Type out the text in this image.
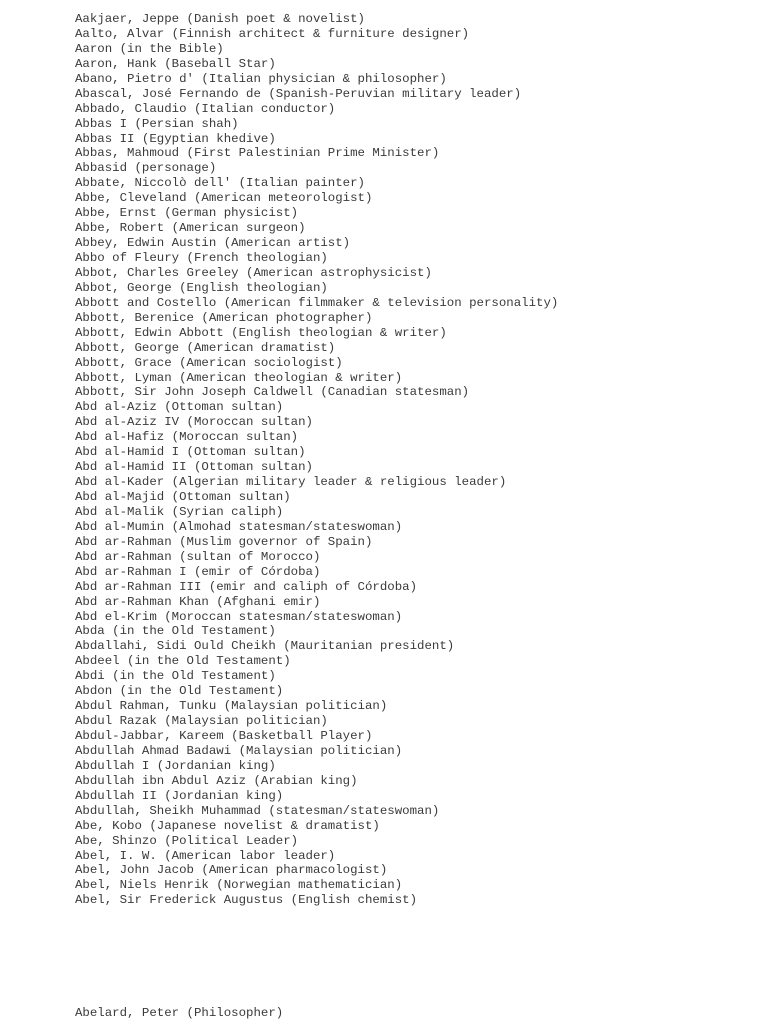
Aakjaer, Jeppe (Danish poet & novelist)
Aalto, Alvar (Finnish architect & furniture designer)
Aaron (in the Bible)
Aaron, Hank (Baseball Star)
Abano, Pietro d' (Italian physician & philosopher)
Abascal, José Fernando de (Spanish-Peruvian military leader)
Abbado, Claudio (Italian conductor)
Abbas I (Persian shah)
Abbas II (Egyptian khedive)
Abbas, Mahmoud (First Palestinian Prime Minister)
Abbasid (personage)
Abbate, Niccolò dell' (Italian painter)
Abbe, Cleveland (American meteorologist)
Abbe, Ernst (German physicist)
Abbe, Robert (American surgeon)
Abbey, Edwin Austin (American artist)
Abbo of Fleury (French theologian)
Abbot, Charles Greeley (American astrophysicist)
Abbot, George (English theologian)
Abbott and Costello (American filmmaker & television personality)
Abbott, Berenice (American photographer)
Abbott, Edwin Abbott (English theologian & writer)
Abbott, George (American dramatist)
Abbott, Grace (American sociologist)
Abbott, Lyman (American theologian & writer)
Abbott, Sir John Joseph Caldwell (Canadian statesman)
Abd al-Aziz (Ottoman sultan)
Abd al-Aziz IV (Moroccan sultan)
Abd al-Hafiz (Moroccan sultan)
Abd al-Hamid I (Ottoman sultan)
Abd al-Hamid II (Ottoman sultan)
Abd al-Kader (Algerian military leader & religious leader)
Abd al-Majid (Ottoman sultan)
Abd al-Malik (Syrian caliph)
Abd al-Mumin (Almohad statesman/stateswoman)
Abd ar-Rahman (Muslim governor of Spain)
Abd ar-Rahman (sultan of Morocco)
Abd ar-Rahman I (emir of Córdoba)
Abd ar-Rahman III (emir and caliph of Córdoba)
Abd ar-Rahman Khan (Afghani emir)
Abd el-Krim (Moroccan statesman/stateswoman)
Abda (in the Old Testament)
Abdallahi, Sidi Ould Cheikh (Mauritanian president)
Abdeel (in the Old Testament)
Abdi (in the Old Testament)
Abdon (in the Old Testament)
Abdul Rahman, Tunku (Malaysian politician)
Abdul Razak (Malaysian politician)
Abdul-Jabbar, Kareem (Basketball Player)
Abdullah Ahmad Badawi (Malaysian politician)
Abdullah I (Jordanian king)
Abdullah ibn Abdul Aziz (Arabian king)
Abdullah II (Jordanian king)
Abdullah, Sheikh Muhammad (statesman/stateswoman)
Abe, Kobo (Japanese novelist & dramatist)
Abe, Shinzo (Political Leader)
Abel, I. W. (American labor leader)
Abel, John Jacob (American pharmacologist)
Abel, Niels Henrik (Norwegian mathematician)
Abel, Sir Frederick Augustus (English chemist)
Abelard, Peter (Philosopher)
